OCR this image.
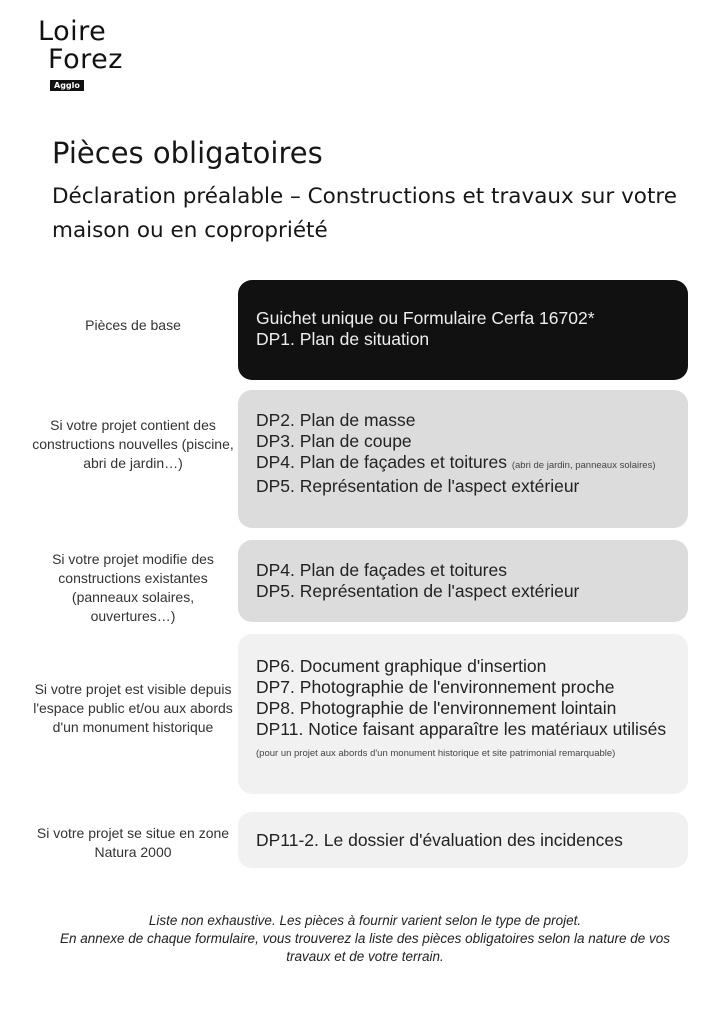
Loire
Forez
Agglo
Pièces obligatoires
Déclaration préalable – Constructions et travaux sur votre maison ou en copropriété
Pièces de base	Guichet unique ou Formulaire Cerfa 16702*
DP1. Plan de situation
Si votre projet contient des constructions nouvelles (piscine, abri de jardin…)
DP2. Plan de masse
DP3. Plan de coupe
DP4. Plan de façades et toitures (abri de jardin, panneaux solaires)
DP5. Représentation de l'aspect extérieur
Si votre projet modifie des constructions existantes (panneaux solaires, ouvertures…)
DP4. Plan de façades et toitures
DP5. Représentation de l'aspect extérieur
Si votre projet est visible depuis l'espace public et/ou aux abords d'un monument historique
DP6. Document graphique d'insertion
DP7. Photographie de l'environnement proche
DP8. Photographie de l'environnement lointain
DP11. Notice faisant apparaître les matériaux utilisés (pour un projet aux abords d'un monument historique et site patrimonial remarquable)
Si votre projet se situe en zone Natura 2000
DP11-2. Le dossier d'évaluation des incidences
Liste non exhaustive. Les pièces à fournir varient selon le type de projet.
En annexe de chaque formulaire, vous trouverez la liste des pièces obligatoires selon la nature de vos travaux et de votre terrain.
